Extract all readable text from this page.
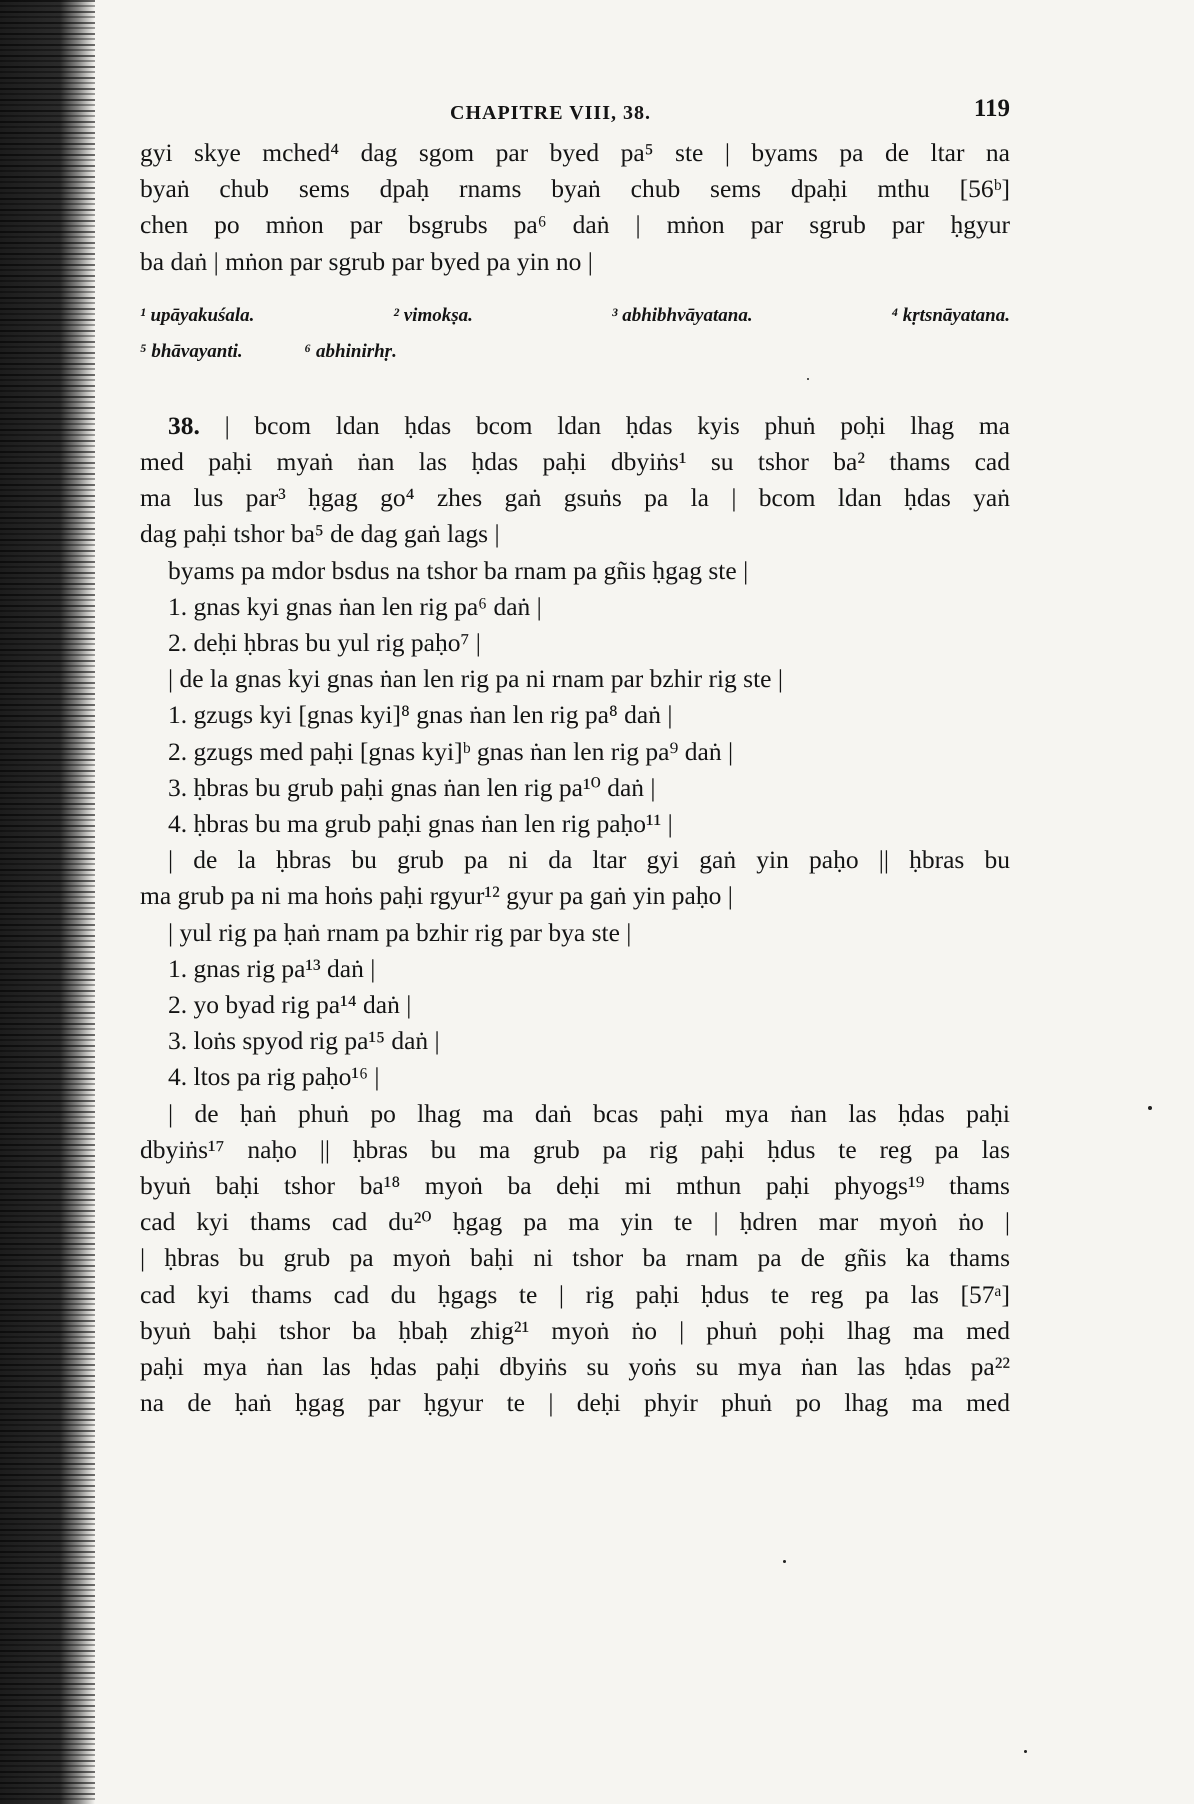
CHAPITRE VIII, 38.	119
gyi skye mched⁴ dag sgom par byed pa⁵ ste | byams pa de ltar na
byaṅ chub sems dpaḥ rnams byaṅ chub sems dpaḥi mthu [56ᵇ]
chen po mṅon par bsgrubs pa⁶ daṅ | mṅon par sgrub par ḥgyur
ba daṅ | mṅon par sgrub par byed pa yin no |
¹ upāyakuśala.	² vimokṣa.	³ abhibhvāyatana.	⁴ kṛtsnāyatana.
⁵ bhāvayanti.	⁶ abhinirhṛ.
38. | bcom ldan ḥdas bcom ldan ḥdas kyis phuṅ poḥi lhag ma
med paḥi myaṅ ṅan las ḥdas paḥi dbyiṅs¹ su tshor ba² thams cad
ma lus par³ ḥgag go⁴ zhes gaṅ gsuṅs pa la | bcom ldan ḥdas yaṅ
dag paḥi tshor ba⁵ de dag gaṅ lags |
byams pa mdor bsdus na tshor ba rnam pa gñis ḥgag ste |
1. gnas kyi gnas ṅan len rig pa⁶ daṅ |
2. deḥi ḥbras bu yul rig paḥo⁷ |
| de la gnas kyi gnas ṅan len rig pa ni rnam par bzhir rig ste |
1. gzugs kyi [gnas kyi]⁸ gnas ṅan len rig pa⁸ daṅ |
2. gzugs med paḥi [gnas kyi]ᵇ gnas ṅan len rig pa⁹ daṅ |
3. ḥbras bu grub paḥi gnas ṅan len rig pa¹⁰ daṅ |
4. ḥbras bu ma grub paḥi gnas ṅan len rig paḥo¹¹ |
| de la ḥbras bu grub pa ni da ltar gyi gaṅ yin paḥo || ḥbras bu
ma grub pa ni ma hoṅs paḥi rgyur¹² gyur pa gaṅ yin paḥo |
| yul rig pa ḥaṅ rnam pa bzhir rig par bya ste |
1. gnas rig pa¹³ daṅ |
2. yo byad rig pa¹⁴ daṅ |
3. loṅs spyod rig pa¹⁵ daṅ |
4. ltos pa rig paḥo¹⁶ |
| de ḥaṅ phuṅ po lhag ma daṅ bcas paḥi mya ṅan las ḥdas paḥi
dbyiṅs¹⁷ naḥo || ḥbras bu ma grub pa rig paḥi ḥdus te reg pa las
byuṅ baḥi tshor ba¹⁸ myoṅ ba deḥi mi mthun paḥi phyogs¹⁹ thams
cad kyi thams cad du²⁰ ḥgag pa ma yin te | ḥdren mar myoṅ ṅo |
| ḥbras bu grub pa myoṅ baḥi ni tshor ba rnam pa de gñis ka thams
cad kyi thams cad du ḥgags te | rig paḥi ḥdus te reg pa las [57ᵃ]
byuṅ baḥi tshor ba ḥbaḥ zhig²¹ myoṅ ṅo | phuṅ poḥi lhag ma med
paḥi mya ṅan las ḥdas paḥi dbyiṅs su yoṅs su mya ṅan las ḥdas pa²²
na de ḥaṅ ḥgag par ḥgyur te | deḥi phyir phuṅ po lhag ma med
